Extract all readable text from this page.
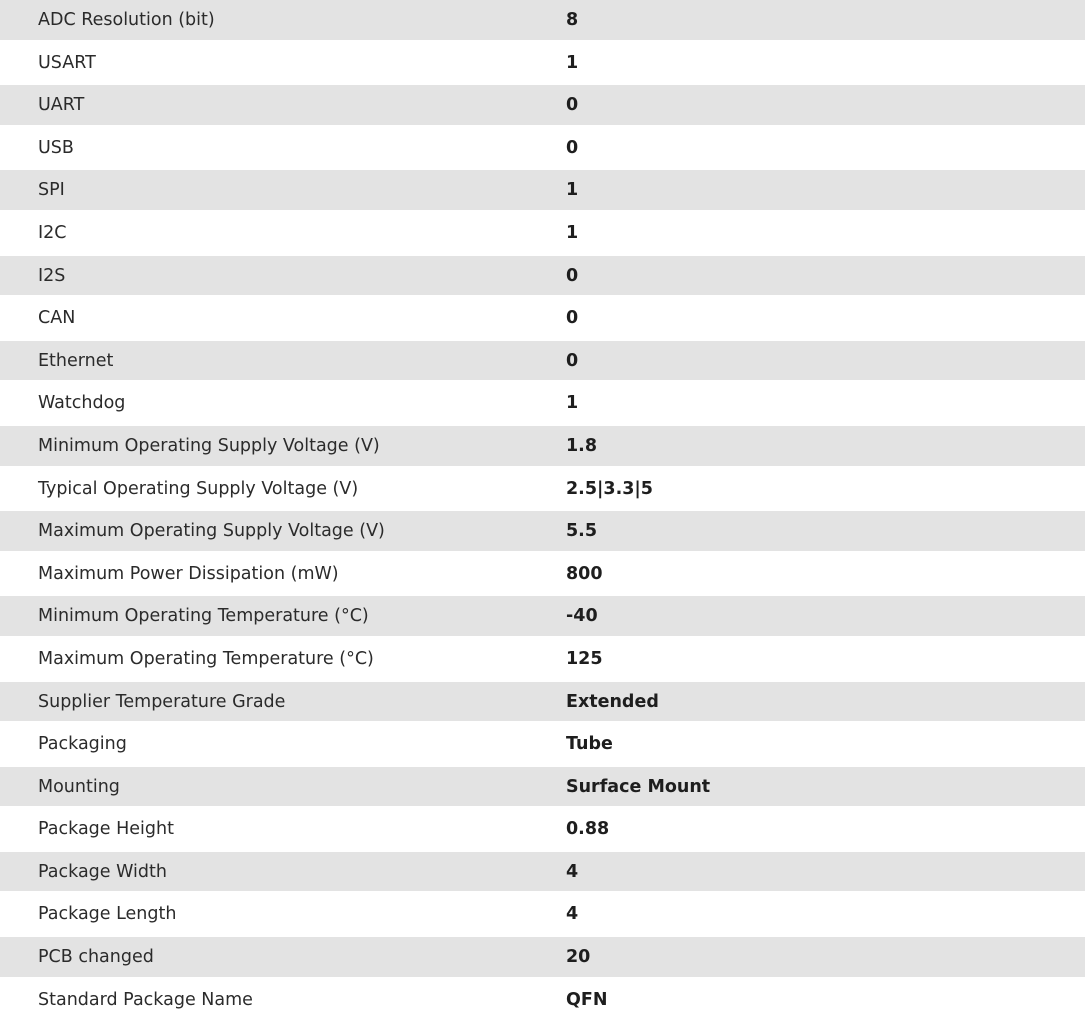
ADC Resolution (bit)	8
USART	1
UART	0
USB	0
SPI	1
I2C	1
I2S	0
CAN	0
Ethernet	0
Watchdog	1
Minimum Operating Supply Voltage (V)	1.8
Typical Operating Supply Voltage (V)	2.5|3.3|5
Maximum Operating Supply Voltage (V)	5.5
Maximum Power Dissipation (mW)	800
Minimum Operating Temperature (°C)	-40
Maximum Operating Temperature (°C)	125
Supplier Temperature Grade	Extended
Packaging	Tube
Mounting	Surface Mount
Package Height	0.88
Package Width	4
Package Length	4
PCB changed	20
Standard Package Name	QFN
